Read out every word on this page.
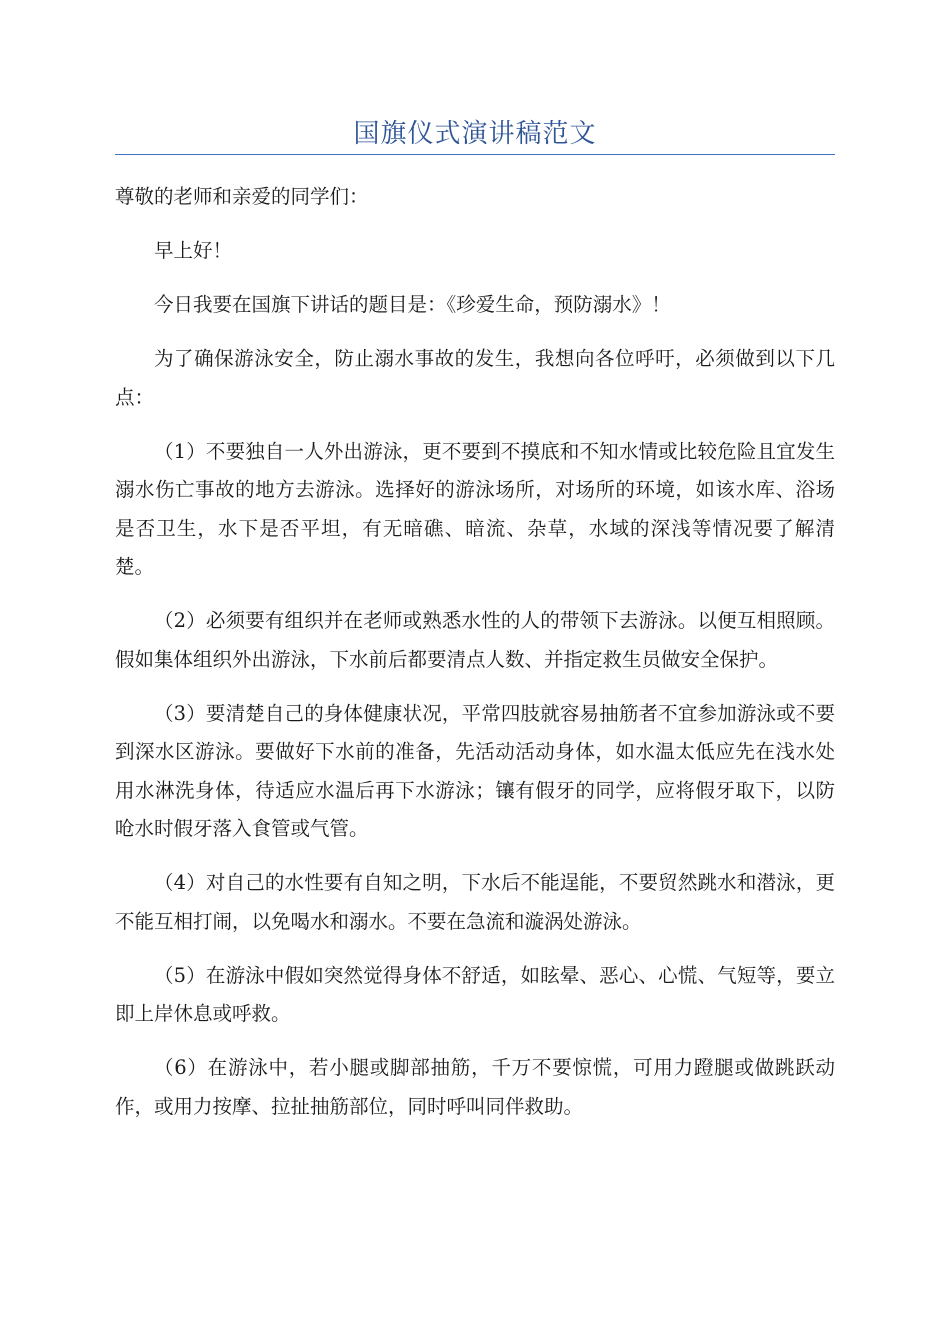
国旗仪式演讲稿范文

尊敬的老师和亲爱的同学们：

早上好！

今日我要在国旗下讲话的题目是：《珍爱生命，预防溺水》！

为了确保游泳安全，防止溺水事故的发生，我想向各位呼吁，必须做到以下几点：

（1）不要独自一人外出游泳，更不要到不摸底和不知水情或比较危险且宜发生溺水伤亡事故的地方去游泳。选择好的游泳场所，对场所的环境，如该水库、浴场是否卫生，水下是否平坦，有无暗礁、暗流、杂草，水域的深浅等情况要了解清楚。

（2）必须要有组织并在老师或熟悉水性的人的带领下去游泳。以便互相照顾。假如集体组织外出游泳，下水前后都要清点人数、并指定救生员做安全保护。

（3）要清楚自己的身体健康状况，平常四肢就容易抽筋者不宜参加游泳或不要到深水区游泳。要做好下水前的准备，先活动活动身体，如水温太低应先在浅水处用水淋洗身体，待适应水温后再下水游泳；镶有假牙的同学，应将假牙取下，以防呛水时假牙落入食管或气管。

（4）对自己的水性要有自知之明，下水后不能逞能，不要贸然跳水和潜泳，更不能互相打闹，以免喝水和溺水。不要在急流和漩涡处游泳。

（5）在游泳中假如突然觉得身体不舒适，如眩晕、恶心、心慌、气短等，要立即上岸休息或呼救。

（6）在游泳中，若小腿或脚部抽筋，千万不要惊慌，可用力蹬腿或做跳跃动作，或用力按摩、拉扯抽筋部位，同时呼叫同伴救助。
